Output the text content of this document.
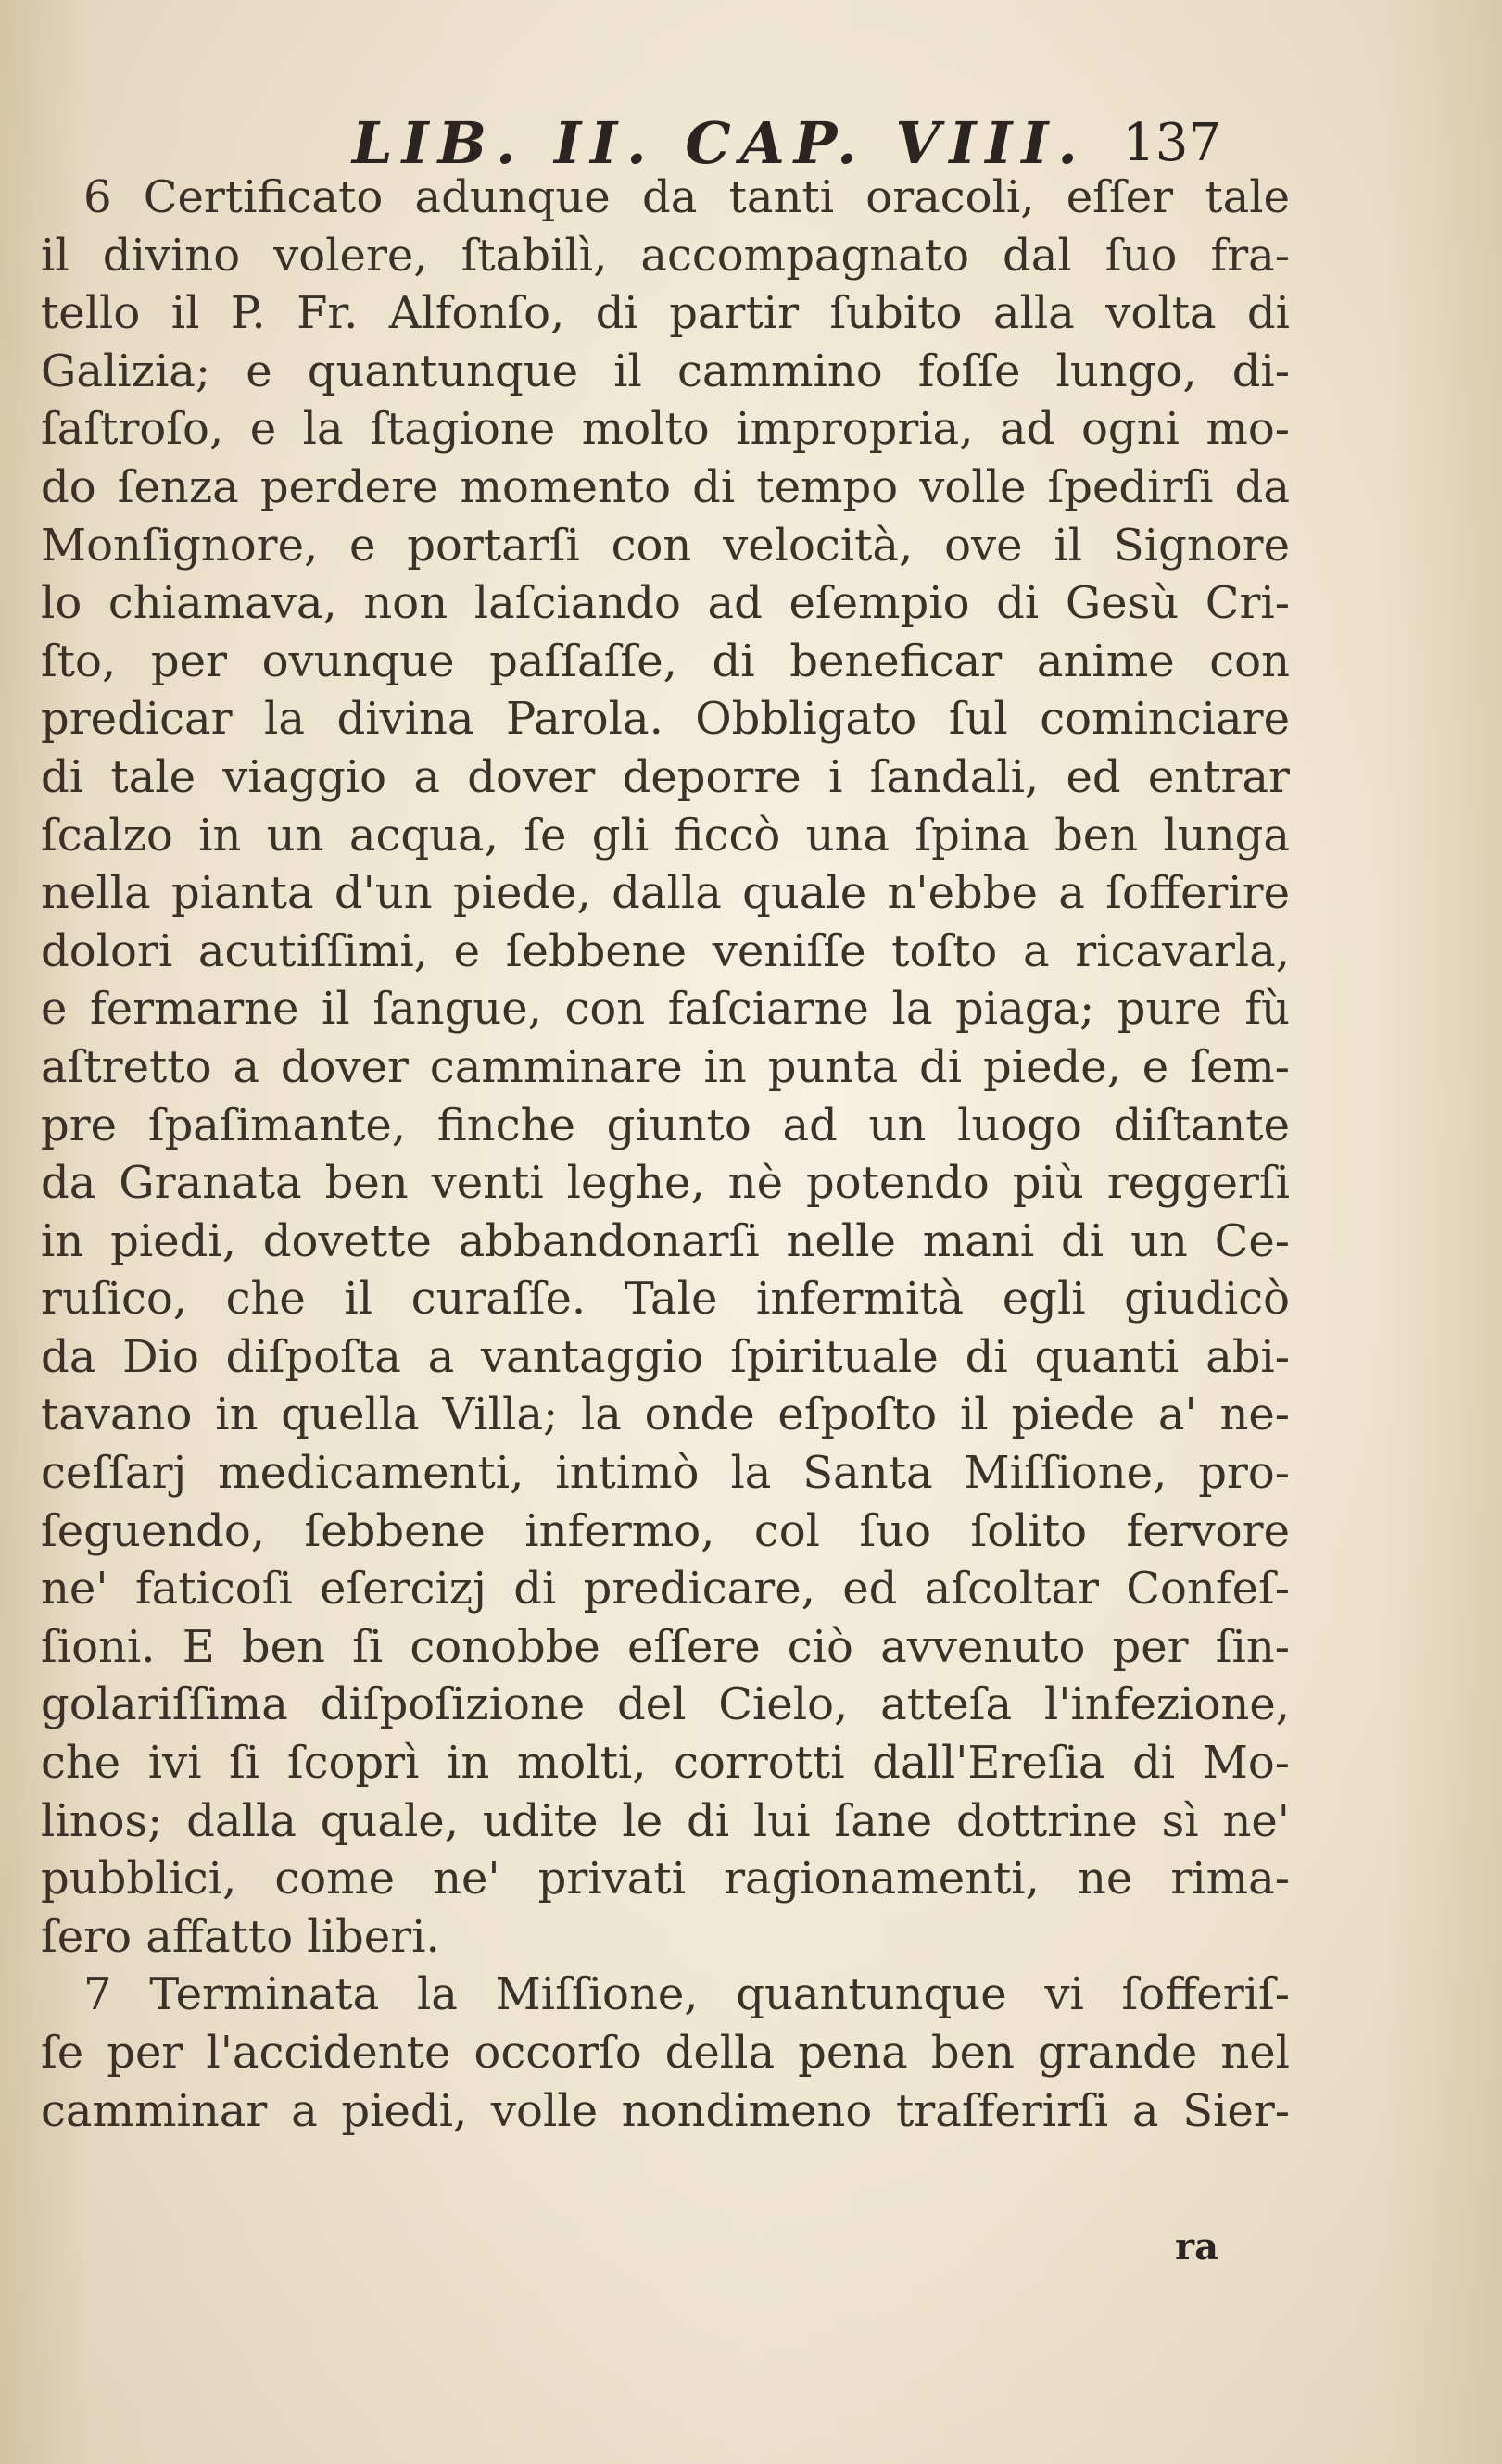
LIB. II. CAP. VIII. 137
6 Certificato adunque da tanti oracoli, eſſer tale
il divino volere, ſtabilì, accompagnato dal ſuo fra-
tello il P. Fr. Alfonſo, di partir ſubito alla volta di
Galizia; e quantunque il cammino foſſe lungo, di-
ſaſtroſo, e la ſtagione molto impropria, ad ogni mo-
do ſenza perdere momento di tempo volle ſpedirſi da
Monſignore, e portarſi con velocità, ove il Signore
lo chiamava, non laſciando ad eſempio di Gesù Cri-
ſto, per ovunque paſſaſſe, di beneficar anime con
predicar la divina Parola. Obbligato ſul cominciare
di tale viaggio a dover deporre i ſandali, ed entrar
ſcalzo in un acqua, ſe gli ficcò una ſpina ben lunga
nella pianta d'un piede, dalla quale n'ebbe a ſofferire
dolori acutiſſimi, e ſebbene veniſſe toſto a ricavarla,
e fermarne il ſangue, con faſciarne la piaga; pure fù
aſtretto a dover camminare in punta di piede, e ſem-
pre ſpaſimante, finche giunto ad un luogo diſtante
da Granata ben venti leghe, nè potendo più reggerſi
in piedi, dovette abbandonarſi nelle mani di un Ce-
ruſico, che il curaſſe. Tale infermità egli giudicò
da Dio diſpoſta a vantaggio ſpirituale di quanti abi-
tavano in quella Villa; la onde eſpoſto il piede a' ne-
ceſſarj medicamenti, intimò la Santa Miſſione, pro-
ſeguendo, ſebbene infermo, col ſuo ſolito fervore
ne' faticoſi eſercizj di predicare, ed aſcoltar Confeſ-
ſioni. E ben ſi conobbe eſſere ciò avvenuto per ſin-
golariſſima diſpoſizione del Cielo, atteſa l'infezione,
che ivi ſi ſcoprì in molti, corrotti dall'Ereſia di Mo-
linos; dalla quale, udite le di lui ſane dottrine sì ne'
pubblici, come ne' privati ragionamenti, ne rima-
ſero affatto liberi.
7 Terminata la Miſſione, quantunque vi ſofferiſ-
ſe per l'accidente occorſo della pena ben grande nel
camminar a piedi, volle nondimeno traſferirſi a Sier-
ra
